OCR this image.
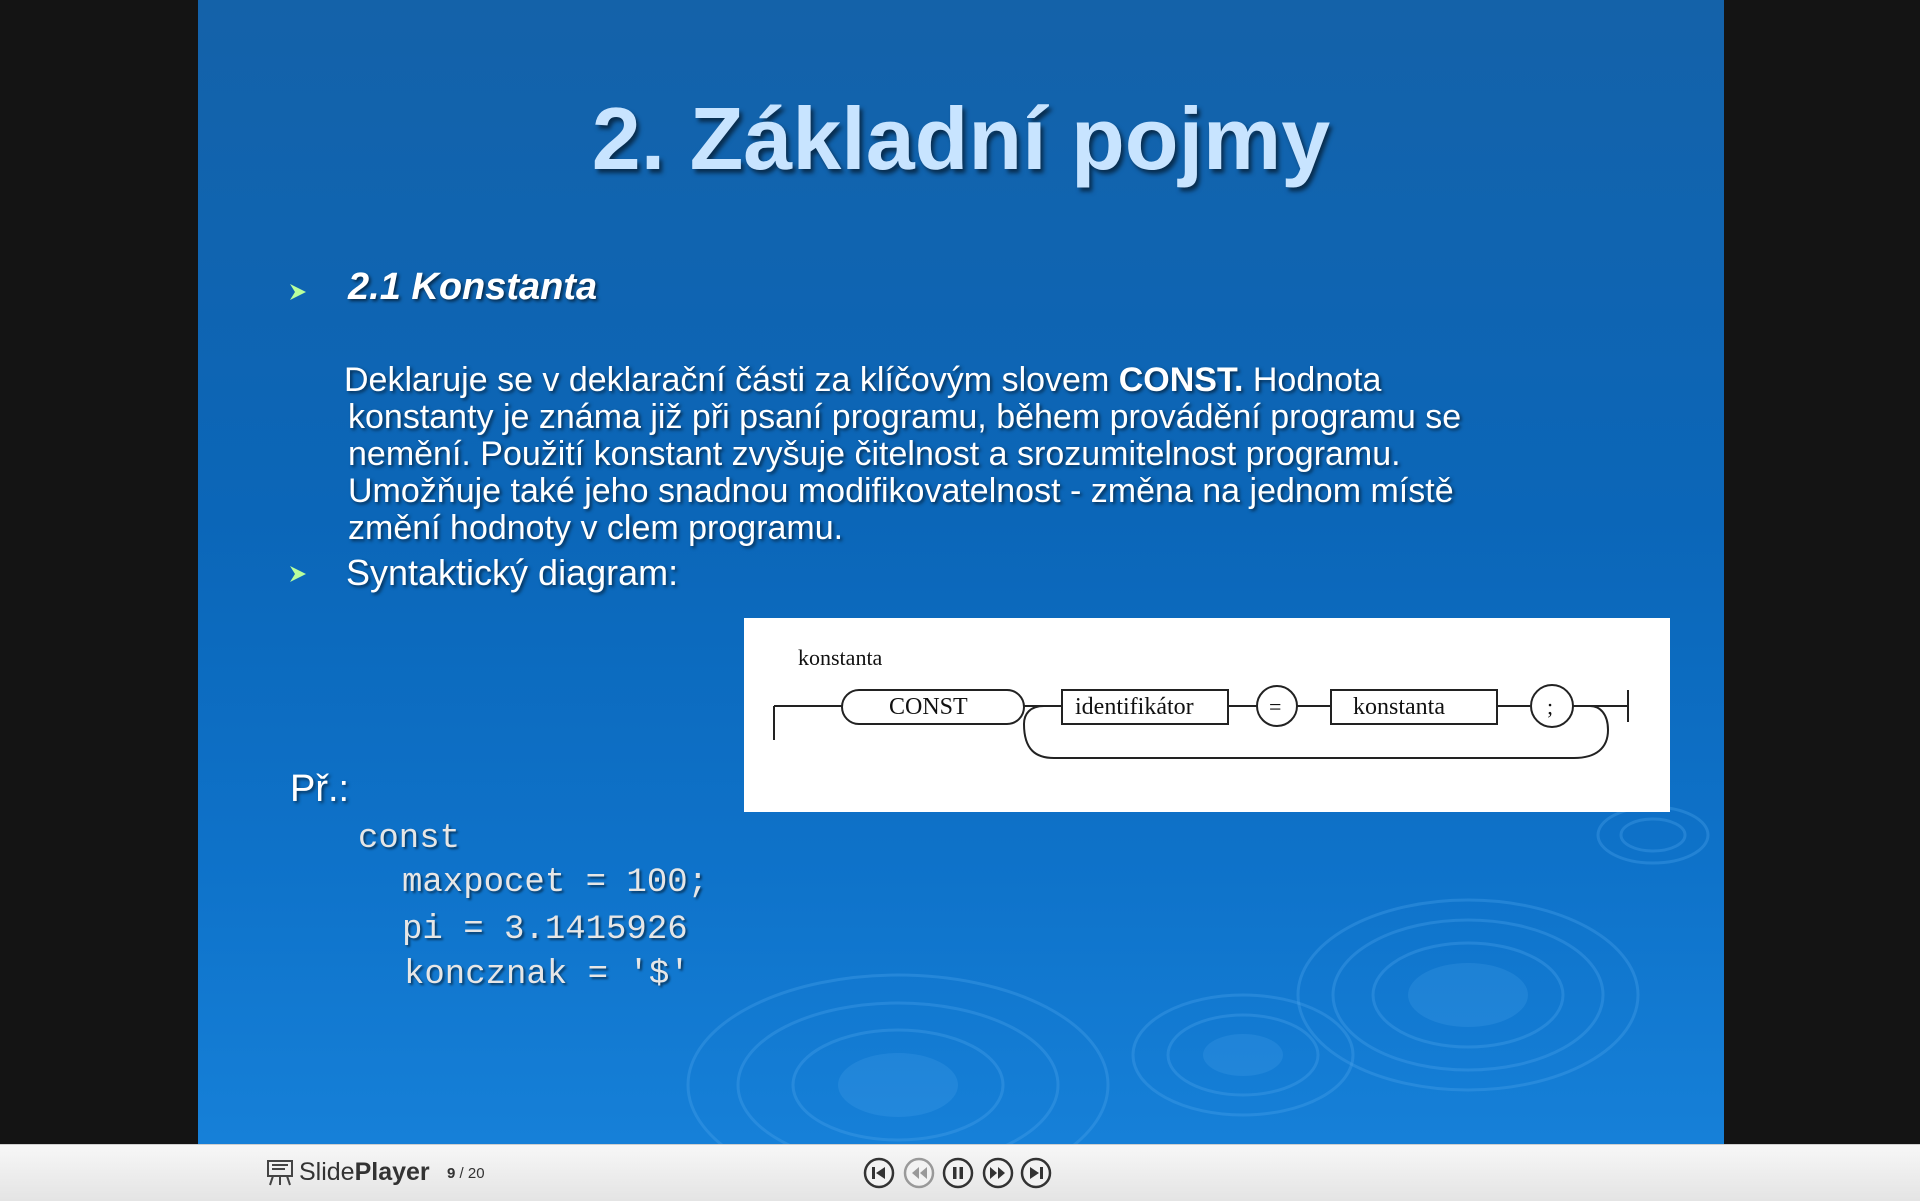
2. Základní pojmy
2.1 Konstanta
Deklaruje se v deklarační části za klíčovým slovem CONST. Hodnota
konstanty je známa již při psaní programu, během provádění programu se
nemění. Použití konstant zvyšuje čitelnost a srozumitelnost programu.
Umožňuje také jeho snadnou modifikovatelnost - změna na jednom místě
změní hodnoty v clem programu.
Syntaktický diagram:
konstanta
CONST	identifikátor	=	konstanta	;
Př.:
const
maxpocet = 100;
pi = 3.1415926
koncznak = '$'
SlidePlayer 9 / 20
